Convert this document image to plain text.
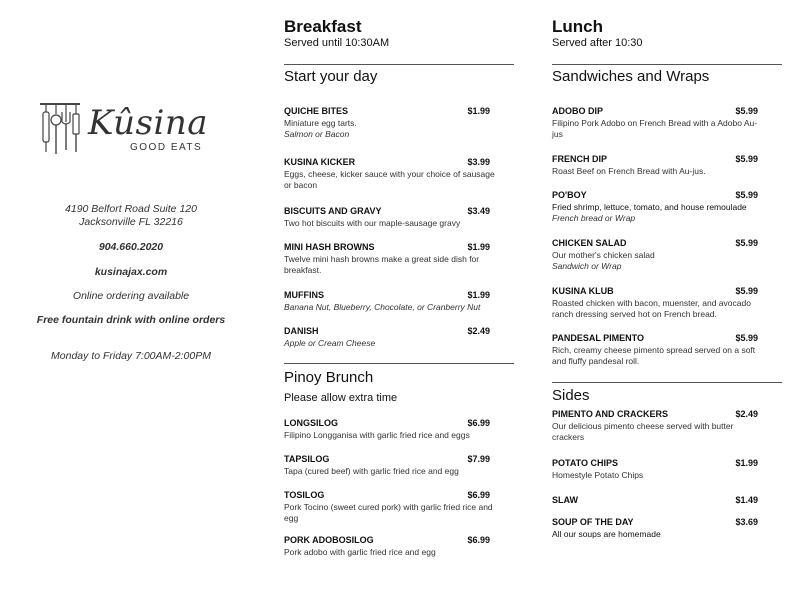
Kûsina
GOOD EATS
4190 Belfort Road Suite 120
Jacksonville FL 32216
904.660.2020
kusinajax.com
Online ordering available
Free fountain drink with online orders
Monday to Friday 7:00AM-2:00PM
Breakfast
Served until 10:30AM
Start your day
QUICHE BITES	$1.99
Miniature egg tarts.
Salmon or Bacon
KUSINA KICKER	$3.99
Eggs, cheese, kicker sauce with your choice of sausage
or bacon
BISCUITS AND GRAVY	$3.49
Two hot biscuits with our maple-sausage gravy
MINI HASH BROWNS	$1.99
Twelve mini hash browns make a great side dish for
breakfast.
MUFFINS	$1.99
Banana Nut, Blueberry, Chocolate, or Cranberry Nut
DANISH	$2.49
Apple or Cream Cheese
Pinoy Brunch
Please allow extra time
LONGSILOG	$6.99
Filipino Longganisa with garlic fried rice and eggs
TAPSILOG	$7.99
Tapa (cured beef) with garlic fried rice and egg
TOSILOG	$6.99
Pork Tocino (sweet cured pork) with garlic fried rice and
egg
PORK ADOBOSILOG	$6.99
Pork adobo with garlic fried rice and egg
Lunch
Served after 10:30
Sandwiches and Wraps
ADOBO DIP	$5.99
Filipino Pork Adobo on French Bread with a Adobo Au-
jus
FRENCH DIP	$5.99
Roast Beef on French Bread with Au-jus.
PO'BOY	$5.99
Fried shrimp, lettuce, tomato, and house remoulade
French bread or Wrap
CHICKEN SALAD	$5.99
Our mother's chicken salad
Sandwich or Wrap
KUSINA KLUB	$5.99
Roasted chicken with bacon, muenster, and avocado
ranch dressing served hot on French bread.
PANDESAL PIMENTO	$5.99
Rich, creamy cheese pimento spread served on a soft
and fluffy pandesal roll.
Sides
PIMENTO AND CRACKERS	$2.49
Our delicious pimento cheese served with butter
crackers
POTATO CHIPS	$1.99
Homestyle Potato Chips
SLAW	$1.49
SOUP OF THE DAY	$3.69
All our soups are homemade
